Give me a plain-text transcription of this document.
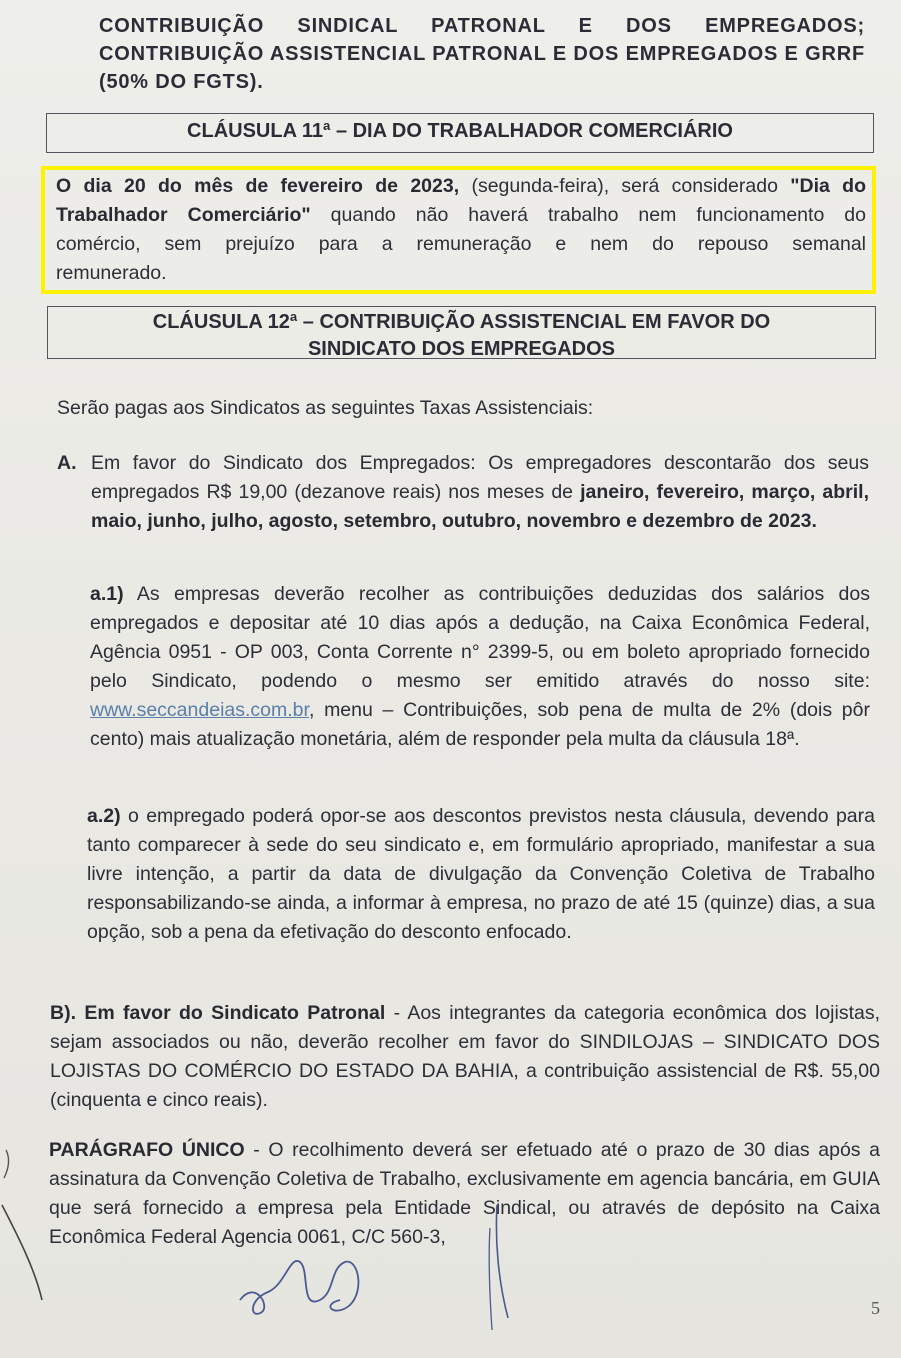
CONTRIBUIÇÃO SINDICAL PATRONAL E DOS EMPREGADOS; CONTRIBUIÇÃO ASSISTENCIAL PATRONAL E DOS EMPREGADOS E GRRF (50% DO FGTS).
CLÁUSULA 11ª – DIA DO TRABALHADOR COMERCIÁRIO
O dia 20 do mês de fevereiro de 2023, (segunda-feira), será considerado "Dia do
Trabalhador Comerciário" quando não haverá trabalho nem funcionamento do
comércio, sem prejuízo para a remuneração e nem do repouso semanal
remunerado.
CLÁUSULA 12ª – CONTRIBUIÇÃO ASSISTENCIAL EM FAVOR DO
SINDICATO DOS EMPREGADOS
Serão pagas aos Sindicatos as seguintes Taxas Assistenciais:
A. Em favor do Sindicato dos Empregados: Os empregadores descontarão dos seus empregados R$ 19,00 (dezanove reais) nos meses de janeiro, fevereiro, março, abril, maio, junho, julho, agosto, setembro, outubro, novembro e dezembro de 2023.
a.1) As empresas deverão recolher as contribuições deduzidas dos salários dos empregados e depositar até 10 dias após a dedução, na Caixa Econômica Federal, Agência 0951 - OP 003, Conta Corrente n° 2399-5, ou em boleto apropriado fornecido pelo Sindicato, podendo o mesmo ser emitido através do nosso site: www.seccandeias.com.br, menu – Contribuições, sob pena de multa de 2% (dois pôr cento) mais atualização monetária, além de responder pela multa da cláusula 18ª.
a.2) o empregado poderá opor-se aos descontos previstos nesta cláusula, devendo para tanto comparecer à sede do seu sindicato e, em formulário apropriado, manifestar a sua livre intenção, a partir da data de divulgação da Convenção Coletiva de Trabalho responsabilizando-se ainda, a informar à empresa, no prazo de até 15 (quinze) dias, a sua opção, sob a pena da efetivação do desconto enfocado.
B). Em favor do Sindicato Patronal - Aos integrantes da categoria econômica dos lojistas, sejam associados ou não, deverão recolher em favor do SINDILOJAS – SINDICATO DOS LOJISTAS DO COMÉRCIO DO ESTADO DA BAHIA, a contribuição assistencial de R$. 55,00 (cinquenta e cinco reais).
PARÁGRAFO ÚNICO - O recolhimento deverá ser efetuado até o prazo de 30 dias após a assinatura da Convenção Coletiva de Trabalho, exclusivamente em agencia bancária, em GUIA que será fornecido a empresa pela Entidade Sindical, ou através de depósito na Caixa Econômica Federal Agencia 0061, C/C 560-3,
5
